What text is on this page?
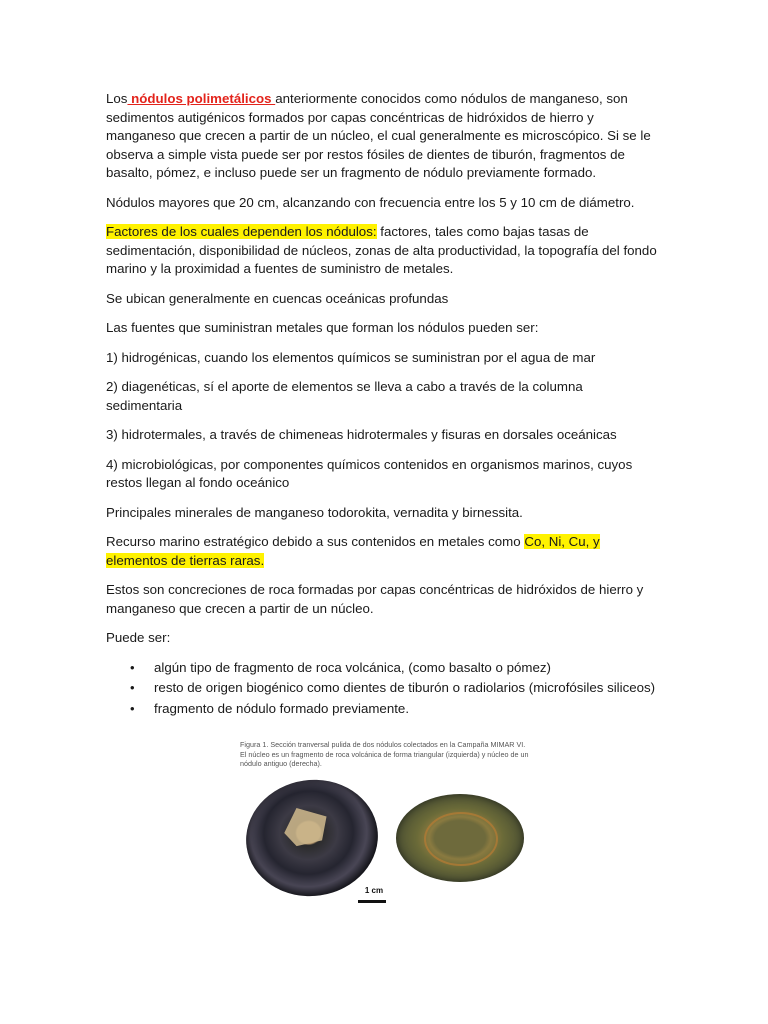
Los nódulos polimetálicos anteriormente conocidos como nódulos de manganeso, son sedimentos autigénicos formados por capas concéntricas de hidróxidos de hierro y manganeso que crecen a partir de un núcleo, el cual generalmente es microscópico. Si se le observa a simple vista puede ser por restos fósiles de dientes de tiburón, fragmentos de basalto, pómez, e incluso puede ser un fragmento de nódulo previamente formado.

Nódulos mayores que 20 cm, alcanzando con frecuencia entre los 5 y 10 cm de diámetro.

Factores de los cuales dependen los nódulos: factores, tales como bajas tasas de sedimentación, disponibilidad de núcleos, zonas de alta productividad, la topografía del fondo marino y la proximidad a fuentes de suministro de metales.

Se ubican generalmente en cuencas oceánicas profundas

Las fuentes que suministran metales que forman los nódulos pueden ser:

1) hidrogénicas, cuando los elementos químicos se suministran por el agua de mar

2) diagenéticas, sí el aporte de elementos se lleva a cabo a través de la columna sedimentaria

3) hidrotermales, a través de chimeneas hidrotermales y fisuras en dorsales oceánicas

4) microbiológicas, por componentes químicos contenidos en organismos marinos, cuyos restos llegan al fondo oceánico

Principales minerales de manganeso todorokita, vernadita y birnessita.

Recurso marino estratégico debido a sus contenidos en metales como Co, Ni, Cu, y elementos de tierras raras.

Estos son concreciones de roca formadas por capas concéntricas de hidróxidos de hierro y manganeso que crecen a partir de un núcleo.

Puede ser:

• algún tipo de fragmento de roca volcánica, (como basalto o pómez)
• resto de origen biogénico como dientes de tiburón o radiolarios (microfósiles siliceos)
• fragmento de nódulo formado previamente.
Figura 1. Sección tranversal pulida de dos nódulos colectados en la Campaña MIMAR VI. El núcleo es un fragmento de roca volcánica de forma triangular (izquierda) y núcleo de un nódulo antiguo (derecha).
1 cm
